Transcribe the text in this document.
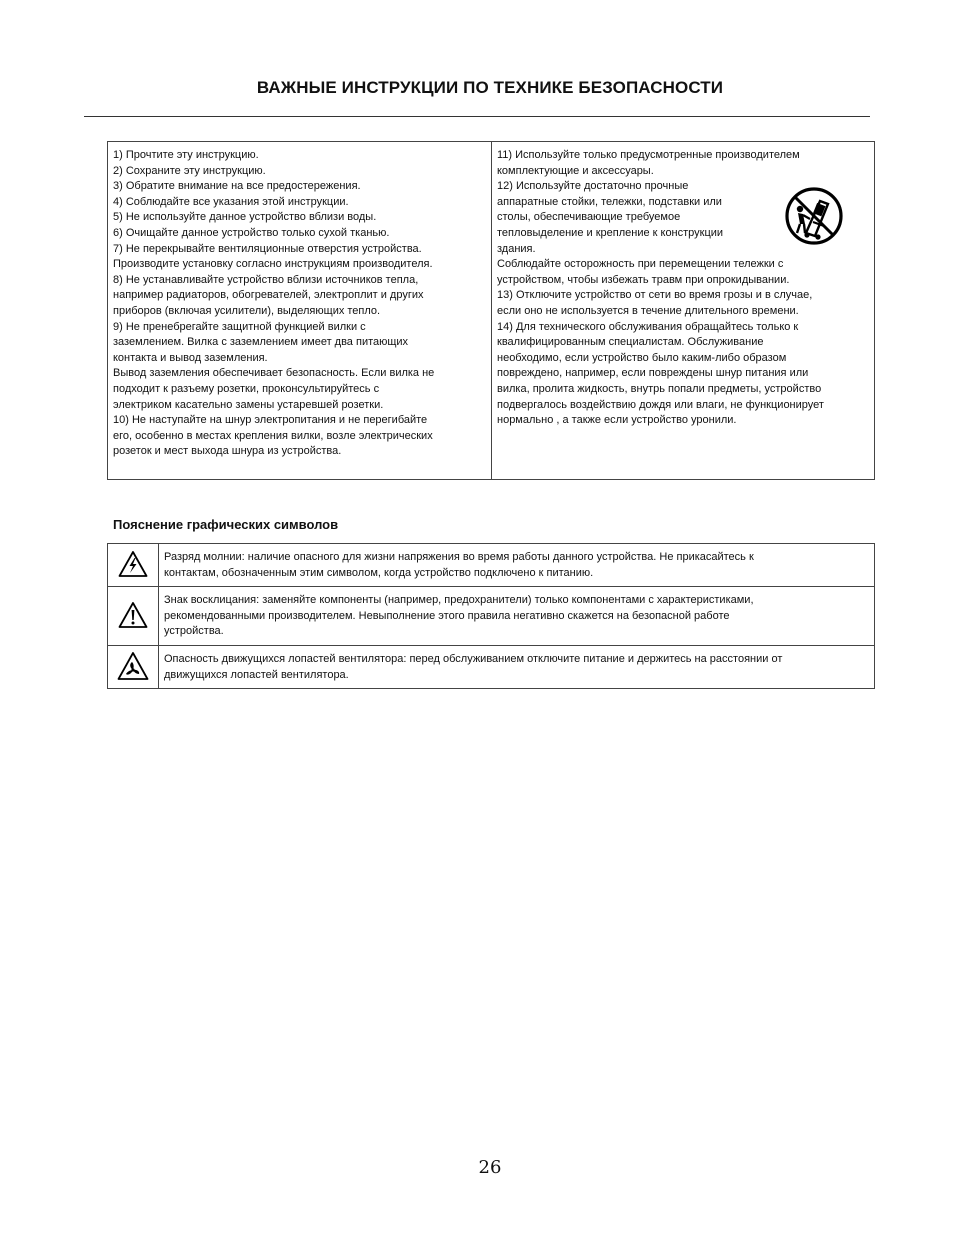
ВАЖНЫЕ ИНСТРУКЦИИ ПО ТЕХНИКЕ БЕЗОПАСНОСТИ
1) Прочтите эту инструкцию.
2) Сохраните эту инструкцию.
3) Обратите внимание на все предостережения.
4) Соблюдайте все указания этой инструкции.
5) Не используйте данное устройство вблизи воды.
6) Очищайте данное устройство только сухой тканью.
7) Не перекрывайте вентиляционные отверстия устройства.
Производите установку согласно инструкциям производителя.
8) Не устанавливайте устройство вблизи источников тепла,
например радиаторов, обогревателей, электроплит и других
приборов (включая усилители), выделяющих тепло.
9) Не пренебрегайте защитной функцией вилки с
заземлением. Вилка с заземлением имеет два питающих
контакта и вывод заземления.
Вывод заземления обеспечивает безопасность. Если вилка не
подходит к разъему розетки, проконсультируйтесь с
электриком касательно замены устаревшей розетки.
10) Не наступайте на шнур электропитания и не перегибайте
его, особенно в местах крепления вилки, возле электрических
розеток и мест выхода шнура из устройства.
11) Используйте только предусмотренные производителем
комплектующие и аксессуары.
12) Используйте достаточно прочные
аппаратные стойки, тележки, подставки или
столы, обеспечивающие требуемое
тепловыделение и крепление к конструкции
здания.
Соблюдайте осторожность при перемещении тележки с
устройством, чтобы избежать травм при опрокидывании.
13) Отключите устройство от сети во время грозы и в случае,
если оно не используется в течение длительного времени.
14) Для технического обслуживания обращайтесь только к
квалифицированным специалистам. Обслуживание
необходимо, если устройство было каким-либо образом
повреждено, например, если повреждены шнур питания или
вилка, пролита жидкость, внутрь попали предметы, устройство
подвергалось воздействию дождя или влаги, не функционирует
нормально , а также если устройство уронили.
Пояснение графических символов

Разряд молнии: наличие опасного для жизни напряжения во время работы данного устройства. Не прикасайтесь к
контактам, обозначенным этим символом, когда устройство подключено к питанию.

Знак восклицания: заменяйте компоненты (например, предохранители) только компонентами с характеристиками,
рекомендованными производителем. Невыполнение этого правила негативно скажется на безопасной работе
устройства.

Опасность движущихся лопастей вентилятора: перед обслуживанием отключите питание и держитесь на расстоянии от
движущихся лопастей вентилятора.
26
